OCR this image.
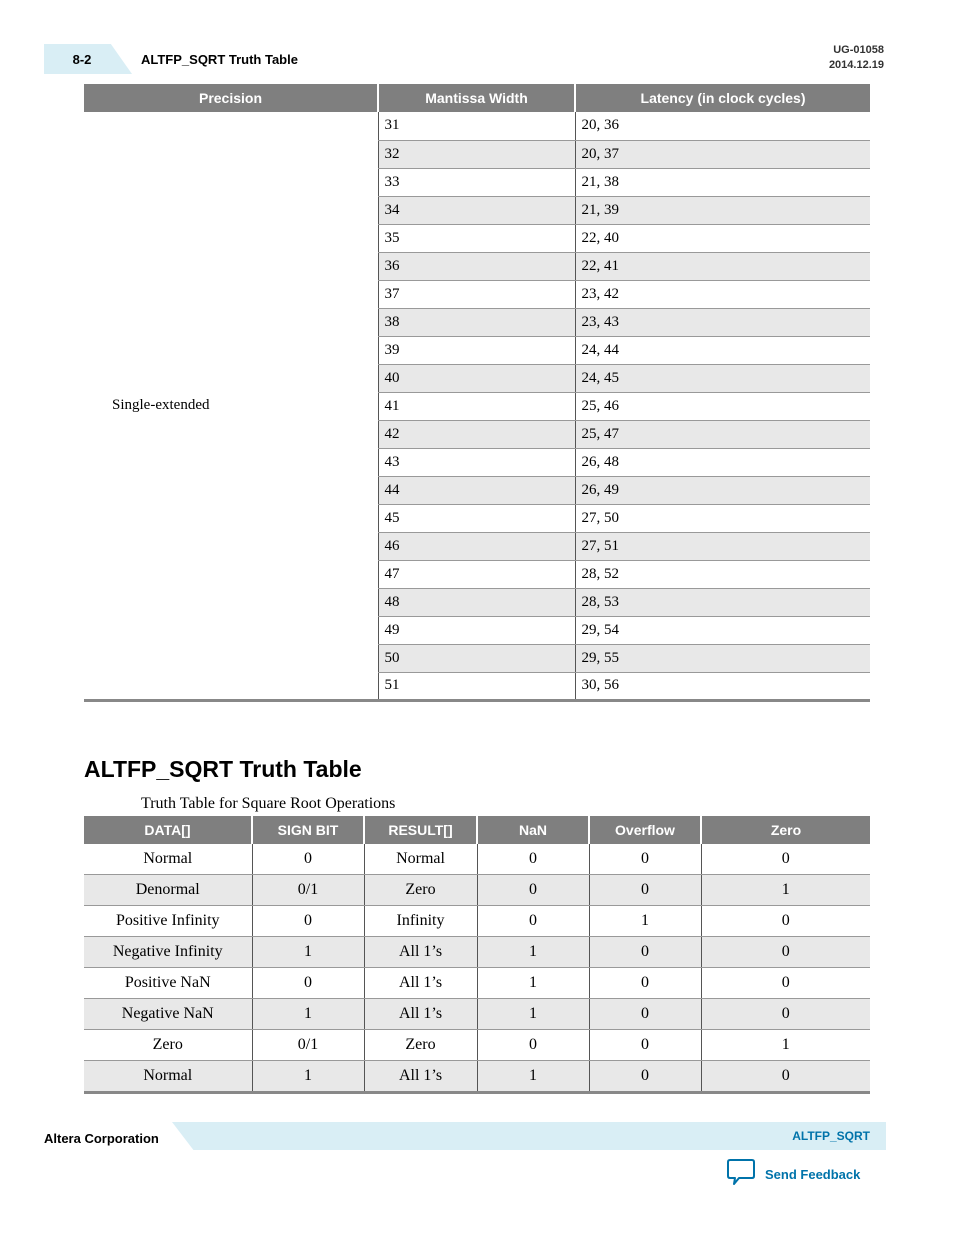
8-2	ALTFP_SQRT Truth Table
UG-01058
2014.12.19
Precision	Mantissa Width	Latency (in clock cycles)
Single-extended	31	20, 36
	32	20, 37
	33	21, 38
	34	21, 39
	35	22, 40
	36	22, 41
	37	23, 42
	38	23, 43
	39	24, 44
	40	24, 45
	41	25, 46
	42	25, 47
	43	26, 48
	44	26, 49
	45	27, 50
	46	27, 51
	47	28, 52
	48	28, 53
	49	29, 54
	50	29, 55
	51	30, 56
ALTFP_SQRT Truth Table
Truth Table for Square Root Operations
DATA[]	SIGN BIT	RESULT[]	NaN	Overflow	Zero
Normal	0	Normal	0	0	0
Denormal	0/1	Zero	0	0	1
Positive Infinity	0	Infinity	0	1	0
Negative Infinity	1	All 1’s	1	0	0
Positive NaN	0	All 1’s	1	0	0
Negative NaN	1	All 1’s	1	0	0
Zero	0/1	Zero	0	0	1
Normal	1	All 1’s	1	0	0
Altera Corporation	ALTFP_SQRT
Send Feedback
